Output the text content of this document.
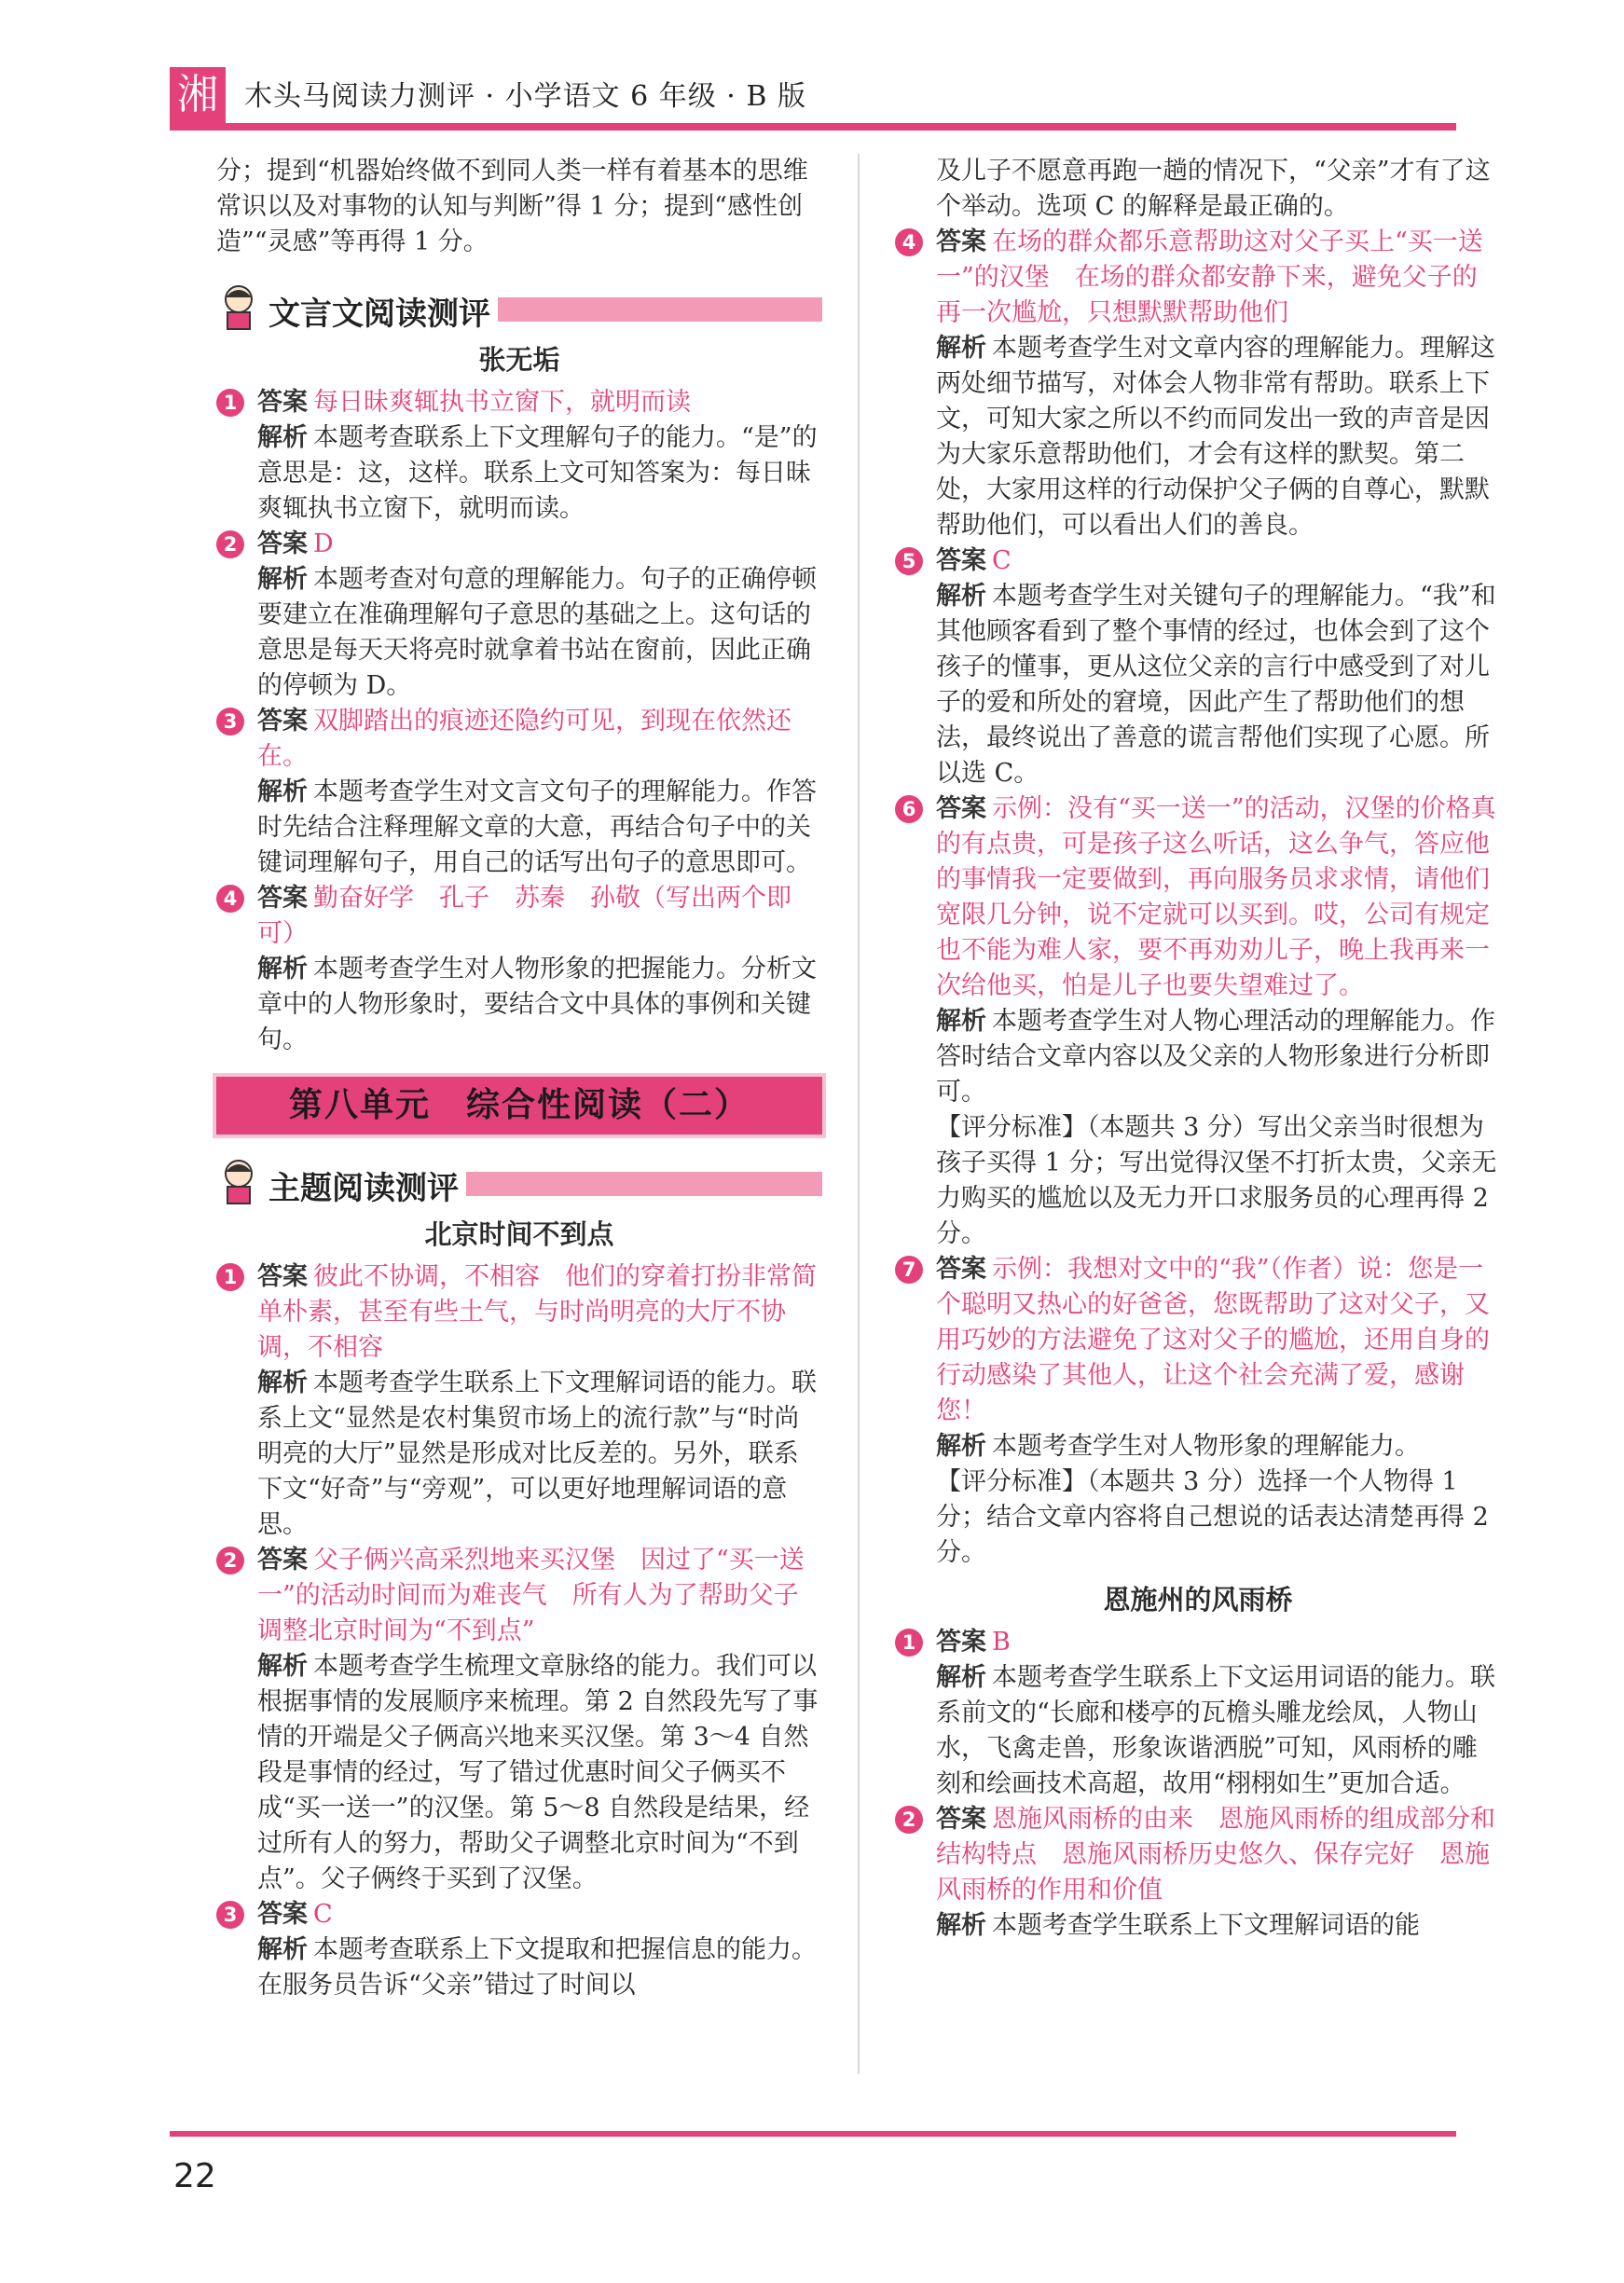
湘 木头马阅读力测评 · 小学语文 6 年级 · B 版

分；提到“机器始终做不到同人类一样有着基本的思维常识以及对事物的认知与判断”得 1 分；提到“感性创造”“灵感”等再得 1 分。

文言文阅读测评
张无垢
1 答案 每日昧爽辄执书立窗下，就明而读

解析 本题考查联系上下文理解句子的能力。“是”的意思是：这，这样。联系上文可知答案为：每日昧爽辄执书立窗下，就明而读。

2 答案 D

解析 本题考查对句意的理解能力。句子的正确停顿要建立在准确理解句子意思的基础之上。这句话的意思是每天天将亮时就拿着书站在窗前，因此正确的停顿为 D。

3 答案 双脚踏出的痕迹还隐约可见，到现在依然还在。

解析 本题考查学生对文言文句子的理解能力。作答时先结合注释理解文章的大意，再结合句子中的关键词理解句子，用自己的话写出句子的意思即可。

4 答案 勤奋好学　孔子　苏秦　孙敬（写出两个即可）

解析 本题考查学生对人物形象的把握能力。分析文章中的人物形象时，要结合文中具体的事例和关键句。

第八单元　综合性阅读（二）
主题阅读测评
北京时间不到点
1 答案 彼此不协调，不相容　他们的穿着打扮非常简单朴素，甚至有些土气，与时尚明亮的大厅不协调，不相容

解析 本题考查学生联系上下文理解词语的能力。联系上文“显然是农村集贸市场上的流行款”与“时尚明亮的大厅”显然是形成对比反差的。另外，联系下文“好奇”与“旁观”，可以更好地理解词语的意思。

2 答案 父子俩兴高采烈地来买汉堡　因过了“买一送一”的活动时间而为难丧气　所有人为了帮助父子调整北京时间为“不到点”

解析 本题考查学生梳理文章脉络的能力。我们可以根据事情的发展顺序来梳理。第 2 自然段先写了事情的开端是父子俩高兴地来买汉堡。第 3～4 自然段是事情的经过，写了错过优惠时间父子俩买不成“买一送一”的汉堡。第 5～8 自然段是结果，经过所有人的努力，帮助父子调整北京时间为“不到点”。父子俩终于买到了汉堡。

3 答案 C

解析 本题考查联系上下文提取和把握信息的能力。在服务员告诉“父亲”错过了时间以

及儿子不愿意再跑一趟的情况下，“父亲”才有了这个举动。选项 C 的解释是最正确的。

4 答案 在场的群众都乐意帮助这对父子买上“买一送一”的汉堡　在场的群众都安静下来，避免父子的再一次尴尬，只想默默帮助他们

解析 本题考查学生对文章内容的理解能力。理解这两处细节描写，对体会人物非常有帮助。联系上下文，可知大家之所以不约而同发出一致的声音是因为大家乐意帮助他们，才会有这样的默契。第二处，大家用这样的行动保护父子俩的自尊心，默默帮助他们，可以看出人们的善良。

5 答案 C

解析 本题考查学生对关键句子的理解能力。“我”和其他顾客看到了整个事情的经过，也体会到了这个孩子的懂事，更从这位父亲的言行中感受到了对儿子的爱和所处的窘境，因此产生了帮助他们的想法，最终说出了善意的谎言帮他们实现了心愿。所以选 C。

6 答案 示例：没有“买一送一”的活动，汉堡的价格真的有点贵，可是孩子这么听话，这么争气，答应他的事情我一定要做到，再向服务员求求情，请他们宽限几分钟，说不定就可以买到。哎，公司有规定也不能为难人家，要不再劝劝儿子，晚上我再来一次给他买，怕是儿子也要失望难过了。

解析 本题考查学生对人物心理活动的理解能力。作答时结合文章内容以及父亲的人物形象进行分析即可。

【评分标准】（本题共 3 分）写出父亲当时很想为孩子买得 1 分；写出觉得汉堡不打折太贵，父亲无力购买的尴尬以及无力开口求服务员的心理再得 2 分。

7 答案 示例：我想对文中的“我”（作者）说：您是一个聪明又热心的好爸爸，您既帮助了这对父子，又用巧妙的方法避免了这对父子的尴尬，还用自身的行动感染了其他人，让这个社会充满了爱，感谢您！

解析 本题考查学生对人物形象的理解能力。

【评分标准】（本题共 3 分）选择一个人物得 1 分；结合文章内容将自己想说的话表达清楚再得 2 分。

恩施州的风雨桥
1 答案 B

解析 本题考查学生联系上下文运用词语的能力。联系前文的“长廊和楼亭的瓦檐头雕龙绘凤，人物山水，飞禽走兽，形象诙谐洒脱”可知，风雨桥的雕刻和绘画技术高超，故用“栩栩如生”更加合适。

2 答案 恩施风雨桥的由来　恩施风雨桥的组成部分和结构特点　恩施风雨桥历史悠久、保存完好　恩施风雨桥的作用和价值

解析 本题考查学生联系上下文理解词语的能

22
